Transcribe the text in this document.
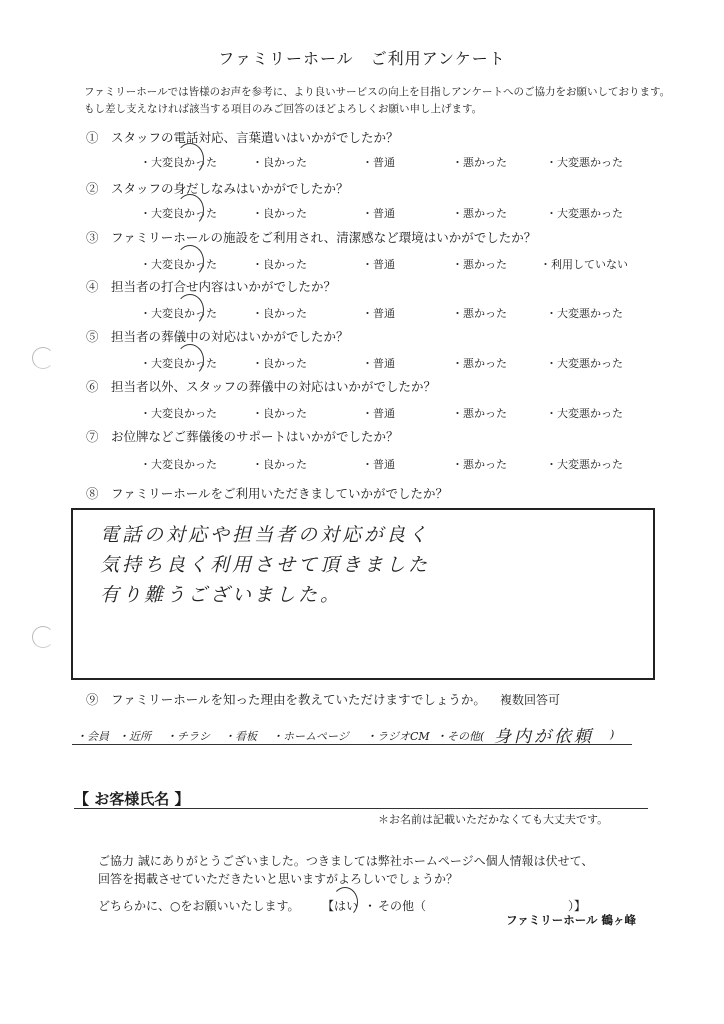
ファミリーホール　ご利用アンケート
ファミリーホールでは皆様のお声を参考に、より良いサービスの向上を目指しアンケートへのご協力をお願いしております。
もし差し支えなければ該当する項目のみご回答のほどよろしくお願い申し上げます。
①　スタッフの電話対応、言葉遣いはいかがでしたか？
・大変良かった	・良かった	・普通	・悪かった	・大変悪かった
②　スタッフの身だしなみはいかがでしたか？
・大変良かった	・良かった	・普通	・悪かった	・大変悪かった
③　ファミリーホールの施設をご利用され、清潔感など環境はいかがでしたか？
・大変良かった	・良かった	・普通	・悪かった	・利用していない
④　担当者の打合せ内容はいかがでしたか？
・大変良かった	・良かった	・普通	・悪かった	・大変悪かった
⑤　担当者の葬儀中の対応はいかがでしたか？
・大変良かった	・良かった	・普通	・悪かった	・大変悪かった
⑥　担当者以外、スタッフの葬儀中の対応はいかがでしたか？
・大変良かった	・良かった	・普通	・悪かった	・大変悪かった
⑦　お位牌などご葬儀後のサポートはいかがでしたか？
・大変良かった	・良かった	・普通	・悪かった	・大変悪かった
⑧　ファミリーホールをご利用いただきましていかがでしたか？
電話の対応や担当者の対応が良く
気持ち良く利用させて頂きました
有り難うございました。
⑨　ファミリーホールを知った理由を教えていただけますでしょうか。 複数回答可
・会員 ・近所 ・チラシ ・看板 ・ホームページ ・ラジオCM ・その他( 身内が依頼 )
【 お客様氏名 】
＊お名前は記載いただかなくても大丈夫です。
ご協力 誠にありがとうございました。つきましては弊社ホームページへ個人情報は伏せて、
回答を掲載させていただきたいと思いますがよろしいでしょうか？
どちらかに、○をお願いいたします。 【はい ・ その他（	）】
ファミリーホール 鶴ヶ峰
